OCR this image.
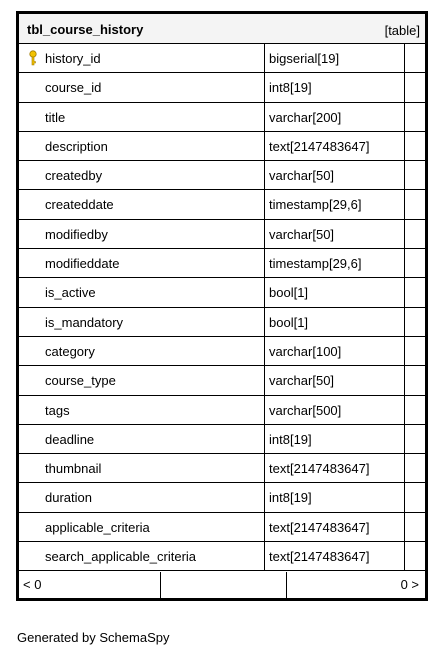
tbl_course_history	[table]
history_id	bigserial[19]
course_id	int8[19]
title	varchar[200]
description	text[2147483647]
createdby	varchar[50]
createddate	timestamp[29,6]
modifiedby	varchar[50]
modifieddate	timestamp[29,6]
is_active	bool[1]
is_mandatory	bool[1]
category	varchar[100]
course_type	varchar[50]
tags	varchar[500]
deadline	int8[19]
thumbnail	text[2147483647]
duration	int8[19]
applicable_criteria	text[2147483647]
search_applicable_criteria	text[2147483647]
< 0	0 >
Generated by SchemaSpy
